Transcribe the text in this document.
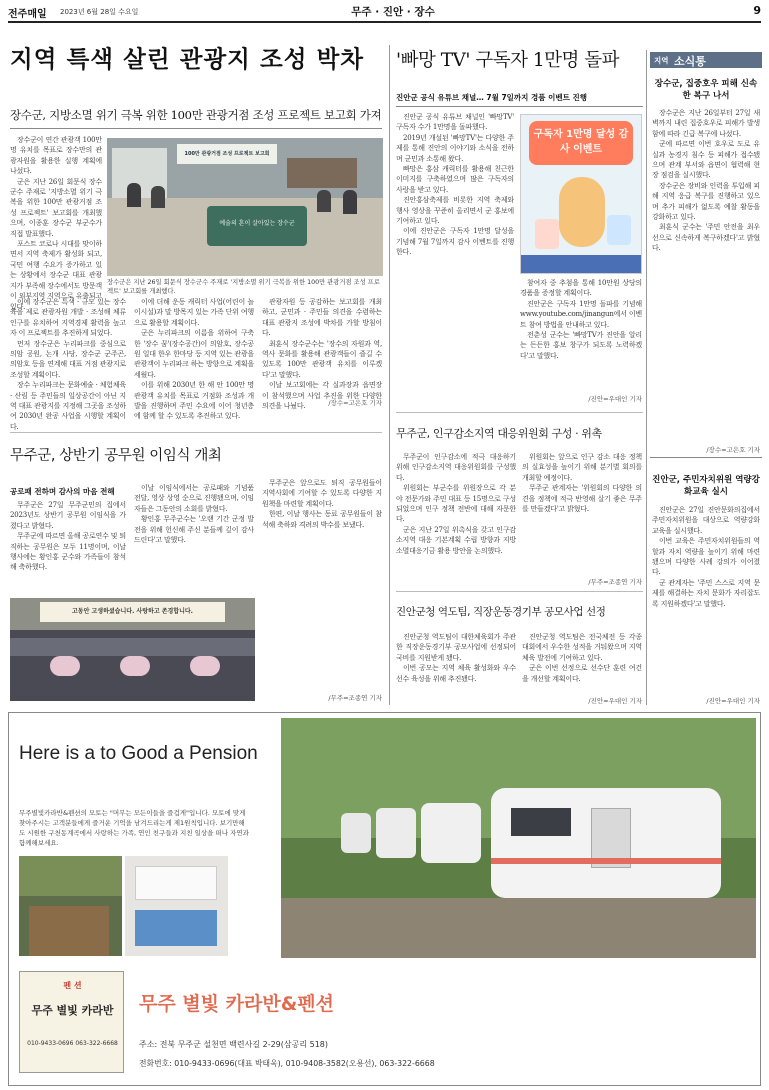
전주매일 2023년 6월 28일 수요일	무주 · 진안 · 장수	9
지역 특색 살린 관광지 조성 박차
장수군, 지방소멸 위기 극복 위한 100만 관광거점 조성 프로젝트 보고회 가져

장수군이 연간 관광객 100만 명 유치를 목표로 장수만의 관광자원을 활용한 실행 계획에 나섰다.

군은 지난 26일 회문식 장수군수 주재로 '지방소멸 위기 극복을 위한 100만 관광거점 조성 프로젝트' 보고회를 개최했으며, 이종훈 장수군 부군수가 직접 발표했다.

포스트 코로나 시대를 맞이하면서 지역 축제가 활성화 되고, 국민 여행 수요가 증가하고 있는 상황에서 장수군 대표 관광지가 부족해 장수에서도 방문객이 외부지역 지역으로 유출되고 있다.

100만 관광거점 조성 프로젝트 보고회
예술의 혼이 살아있는 장수군
장수군은 지난 26일 회문식 장수군수 주재로 '지방소멸 위기 극복을 위한 100만 관광거점 조성 프로젝트' 보고회를 개최했다.

이에 장수군은 특색 · 규모 있는 장수육을 제로 관광자원 개발 · 조성해 체류인구를 유치하여 지역경제 활력을 높고자 이 프로젝트를 추진하게 되었다.

먼저 장수군은 누리파크를 중심으로 의암 공원, 논개 사당, 장수군 군주곤, 의암호 등을 연계해 대표 거점 관광지로 조성할 계획이다.

장수 누리파크는 문화예술 · 체험체육 · 산림 등 주민들의 일상공간이 아닌 지역 대표 관광지를 지정해 그곳을 조성하여 2030년 완공 사업을 시행할 계획이다.

이에 더해 운동 캐릭터 사업(어린이 놀이시설)과 말 방목지 있는 가족 단위 여행으로 활용할 계획이다.

군은 누리파크의 이름을 위하여 구축한 '장수 꿈'(장수공간)이 의암호, 장수공원 일대 한우 한마당 등 지역 있는 관광을 관광객이 누리파크 하는 방향으로 계획을 세웠다.

이를 위해 2030년 한 해 안 100만 명 관광객 유치를 목표로 거점화 조성과 개발을 진행하며 주민 수요에 이어 청년층에 함께 할 수 있도록 추진하고 있다.

관광자원 등 공감하는 보고회를 개최하고, 군민과 · 주민들 의견을 수렴하는 대표 관광지 조성에 박차를 가할 방침이다.

최훈식 장수군수는 '장수의 자원과 역, 역사 문화를 활용해 관광객들이 즐길 수 있도록 100만 관광객 유치를 이루겠다'고 말했다.

이날 보고회에는 각 실과장과 읍면장이 참석했으며 사업 추진을 위한 다양한 의견을 나눴다.	/장수=고은호 기자
'빠망 TV' 구독자 1만명 돌파
진안군 공식 유튜브 채널… 7월 7일까지 경품 이벤트 진행

진안군 공식 유튜브 채널인 '빠망TV' 구독자 수가 1만명을 돌파했다.

2019년 개설된 '빠망TV'는 다양한 주제를 통해 진안의 이야기와 소식을 전하며 군민과 소통해 왔다.

빠망은 홍삼 캐릭터를 활용해 친근한 이미지를 구축하였으며 많은 구독자의 사랑을 받고 있다.

진안홍삼축제를 비롯한 지역 축제와 행사 영상을 꾸준히 올리면서 군 홍보에 기여하고 있다.

이에 진안군은 구독자 1만명 달성을 기념해 7월 7일까지 감사 이벤트를 진행한다.

구독자 1만명 달성 감사 이벤트

참여자 중 추첨을 통해 10만원 상당의 경품을 증정할 계획이다.

진안군은 구독자 1만명 돌파를 기념해 www.youtube.com/jinangun에서 이벤트 참여 방법을 안내하고 있다.

전춘성 군수는 '빠망TV가 진안을 알리는 든든한 홍보 창구가 되도록 노력하겠다'고 말했다.

/진안=우대인 기자
지역 소식통
장수군, 집중호우 피해 신속한 복구 나서

장수군은 지난 26일부터 27일 새벽까지 내린 집중호우로 피해가 발생함에 따라 긴급 복구에 나섰다.

군에 따르면 이번 호우로 도로 유실과 농경지 침수 등 피해가 접수됐으며 관계 부서와 읍면이 협력해 현장 점검을 실시했다.

장수군은 장비와 인력을 투입해 피해 지역 응급 복구를 진행하고 있으며 추가 피해가 없도록 예찰 활동을 강화하고 있다.

최훈식 군수는 '주민 안전을 최우선으로 신속하게 복구하겠다'고 밝혔다.

/장수=고은호 기자
진안군, 주민자치위원 역량강화교육 실시

진안군은 27일 진안문화의집에서 주민자치위원을 대상으로 역량강화교육을 실시했다.

이번 교육은 주민자치위원들의 역할과 자치 역량을 높이기 위해 마련됐으며 다양한 사례 강의가 이어졌다.

군 관계자는 '주민 스스로 지역 문제를 해결하는 자치 문화가 자리잡도록 지원하겠다'고 말했다.

/진안=우대인 기자
무주군, 인구감소지역 대응위원회 구성 · 위촉

무주군이 인구감소에 적극 대응하기 위해 인구감소지역 대응위원회를 구성했다.

위원회는 부군수를 위원장으로 각 분야 전문가와 주민 대표 등 15명으로 구성되었으며 인구 정책 전반에 대해 자문한다.

군은 지난 27일 위촉식을 갖고 인구감소지역 대응 기본계획 수립 방향과 지방소멸대응기금 활용 방안을 논의했다.

위원회는 앞으로 인구 감소 대응 정책의 실효성을 높이기 위해 분기별 회의를 개최할 예정이다.

무주군 관계자는 '위원회의 다양한 의견을 정책에 적극 반영해 살기 좋은 무주를 만들겠다'고 밝혔다.

/무주=조종연 기자
진안군청 역도팀, 직장운동경기부 공모사업 선정

진안군청 역도팀이 대한체육회가 주관한 직장운동경기부 공모사업에 선정되어 국비를 지원받게 됐다.

이번 공모는 지역 체육 활성화와 우수 선수 육성을 위해 추진됐다.

진안군청 역도팀은 전국체전 등 각종 대회에서 우수한 성적을 거둬왔으며 지역 체육 발전에 기여하고 있다.

군은 이번 선정으로 선수단 훈련 여건을 개선할 계획이다.

/진안=우대인 기자
무주군, 상반기 공무원 이임식 개최
공로패 전하며 감사의 마음 전해

무주군은 27일 무주군민의 집에서 2023년도 상반기 공무원 이임식을 가졌다고 밝혔다.

무주군에 따르면 올해 공로연수 및 퇴직하는 공무원은 모두 11명이며, 이날 행사에는 황인홍 군수와 가족들이 참석해 축하했다.

이날 이임식에서는 공로패와 기념품 전달, 영상 상영 순으로 진행됐으며, 이임자들은 그동안의 소회를 밝혔다.

황인홍 무주군수는 '오랜 기간 군정 발전을 위해 헌신해 주신 분들께 깊이 감사드린다'고 말했다.

무주군은 앞으로도 퇴직 공무원들이 지역사회에 기여할 수 있도록 다양한 지원책을 마련할 계획이다.

한편, 이날 행사는 동료 공무원들이 참석해 축하와 격려의 박수를 보냈다.

/무주=조종연 기자
고동안 고생하셨습니다. 사랑하고 존경합니다.
Here is a to Good a Pension
무주별빛카라반&펜션의 모토는 "머무는 모든이들을 즐겁게"입니다. 모토에 맞게 찾아주시는 고객분들에게 즐거운 기억을 남겨드리는게 제1원칙입니다. 보기만해도 시원한 구천동계곡에서 사랑하는 가족, 연인 친구들과 지친 일상을 떠나 자연과함께해보세요.
펜 션
무주 별빛 카라반
010-9433-0696 063-322-6668
무주 별빛 카라반&펜션
주소: 전북 무주군 설천면 백련사길 2-29(삼공리 518)
전화번호: 010-9433-0696(대표 박태욱), 010-9408-3582(오용선), 063-322-6668
